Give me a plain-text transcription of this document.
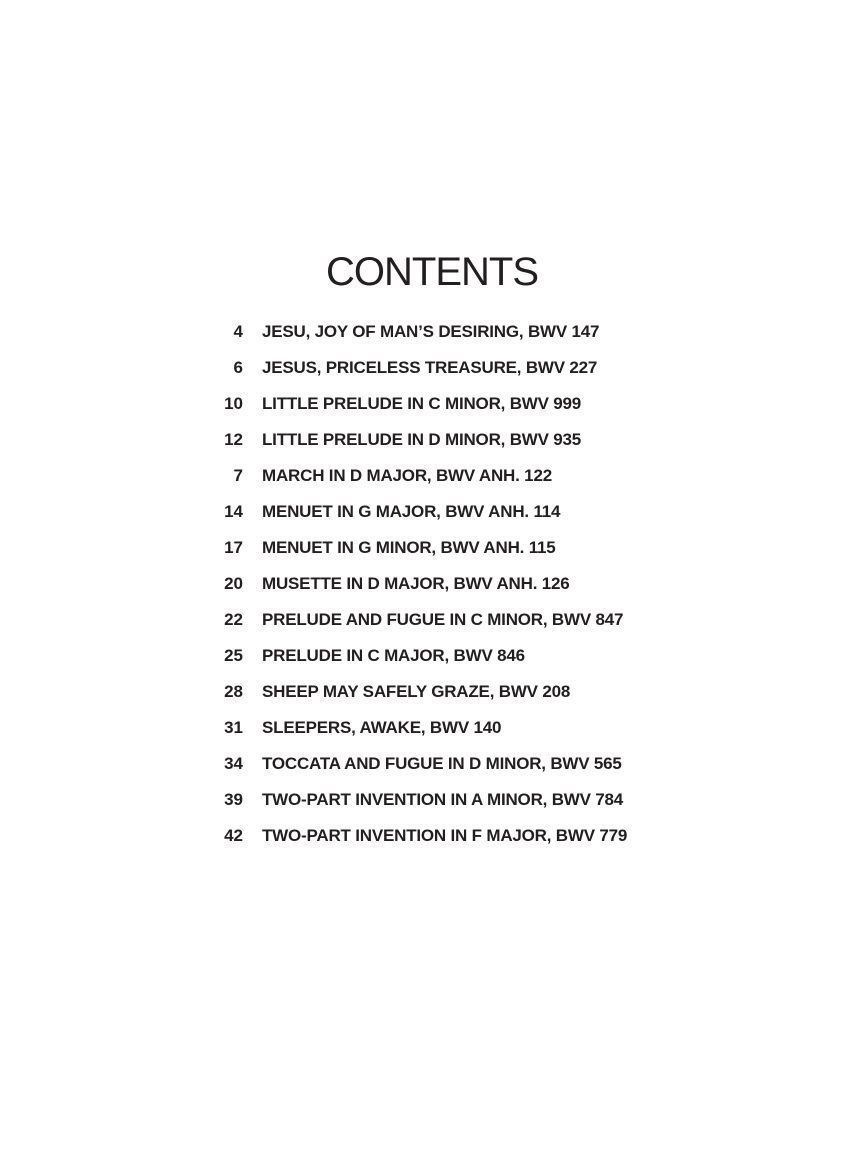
CONTENTS
4 JESU, JOY OF MAN’S DESIRING, BWV 147
6 JESUS, PRICELESS TREASURE, BWV 227
10 LITTLE PRELUDE IN C MINOR, BWV 999
12 LITTLE PRELUDE IN D MINOR, BWV 935
7 MARCH IN D MAJOR, BWV ANH. 122
14 MENUET IN G MAJOR, BWV ANH. 114
17 MENUET IN G MINOR, BWV ANH. 115
20 MUSETTE IN D MAJOR, BWV ANH. 126
22 PRELUDE AND FUGUE IN C MINOR, BWV 847
25 PRELUDE IN C MAJOR, BWV 846
28 SHEEP MAY SAFELY GRAZE, BWV 208
31 SLEEPERS, AWAKE, BWV 140
34 TOCCATA AND FUGUE IN D MINOR, BWV 565
39 TWO-PART INVENTION IN A MINOR, BWV 784
42 TWO-PART INVENTION IN F MAJOR, BWV 779
